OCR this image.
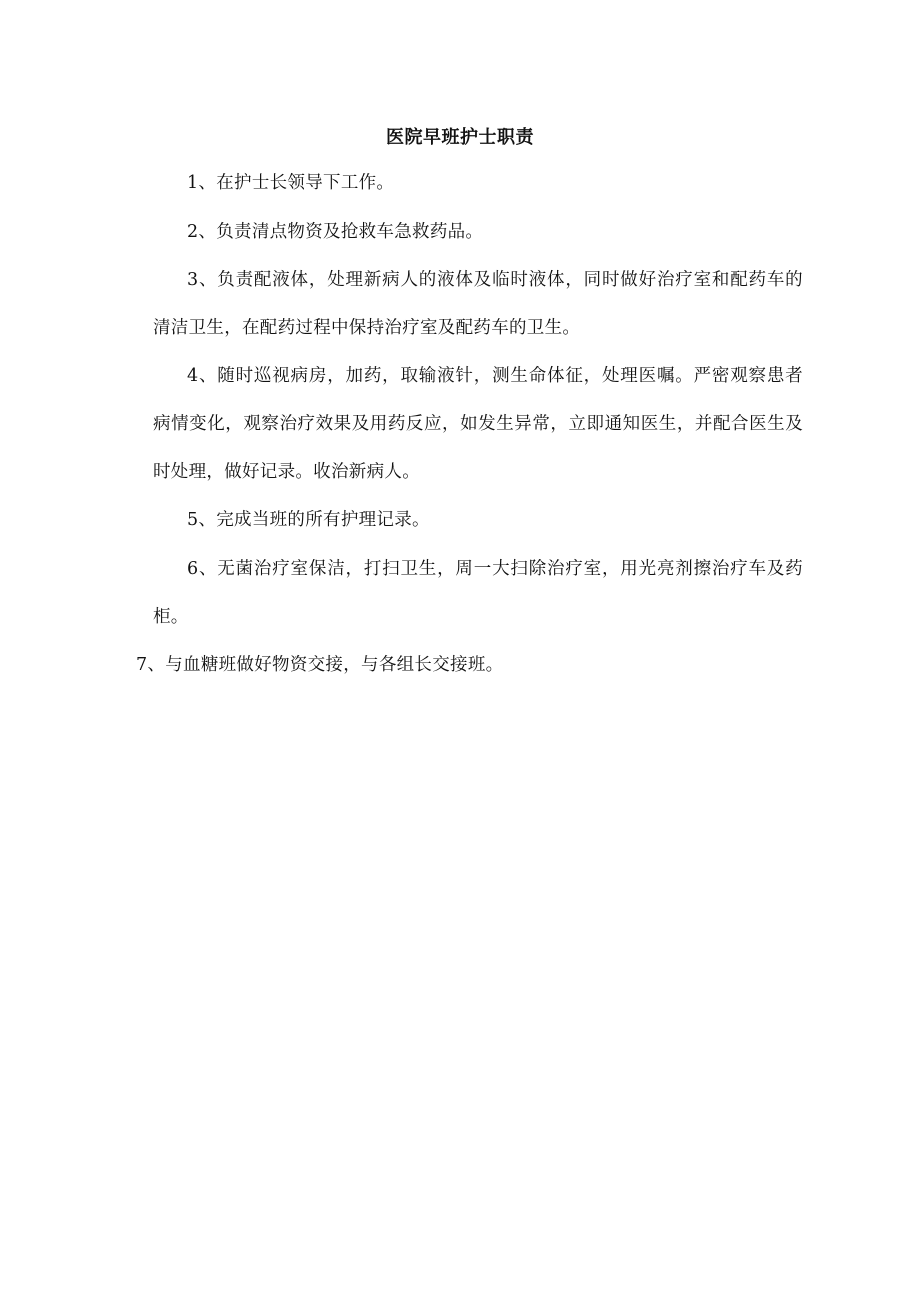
医院早班护士职责

1、在护士长领导下工作。

2、负责清点物资及抢救车急救药品。

3、负责配液体，处理新病人的液体及临时液体，同时做好治疗室和配药车的清洁卫生，在配药过程中保持治疗室及配药车的卫生。

4、随时巡视病房，加药，取输液针，测生命体征，处理医嘱。严密观察患者病情变化，观察治疗效果及用药反应，如发生异常，立即通知医生，并配合医生及时处理，做好记录。收治新病人。

5、完成当班的所有护理记录。

6、无菌治疗室保洁，打扫卫生，周一大扫除治疗室，用光亮剂擦治疗车及药柜。

7、与血糖班做好物资交接，与各组长交接班。
